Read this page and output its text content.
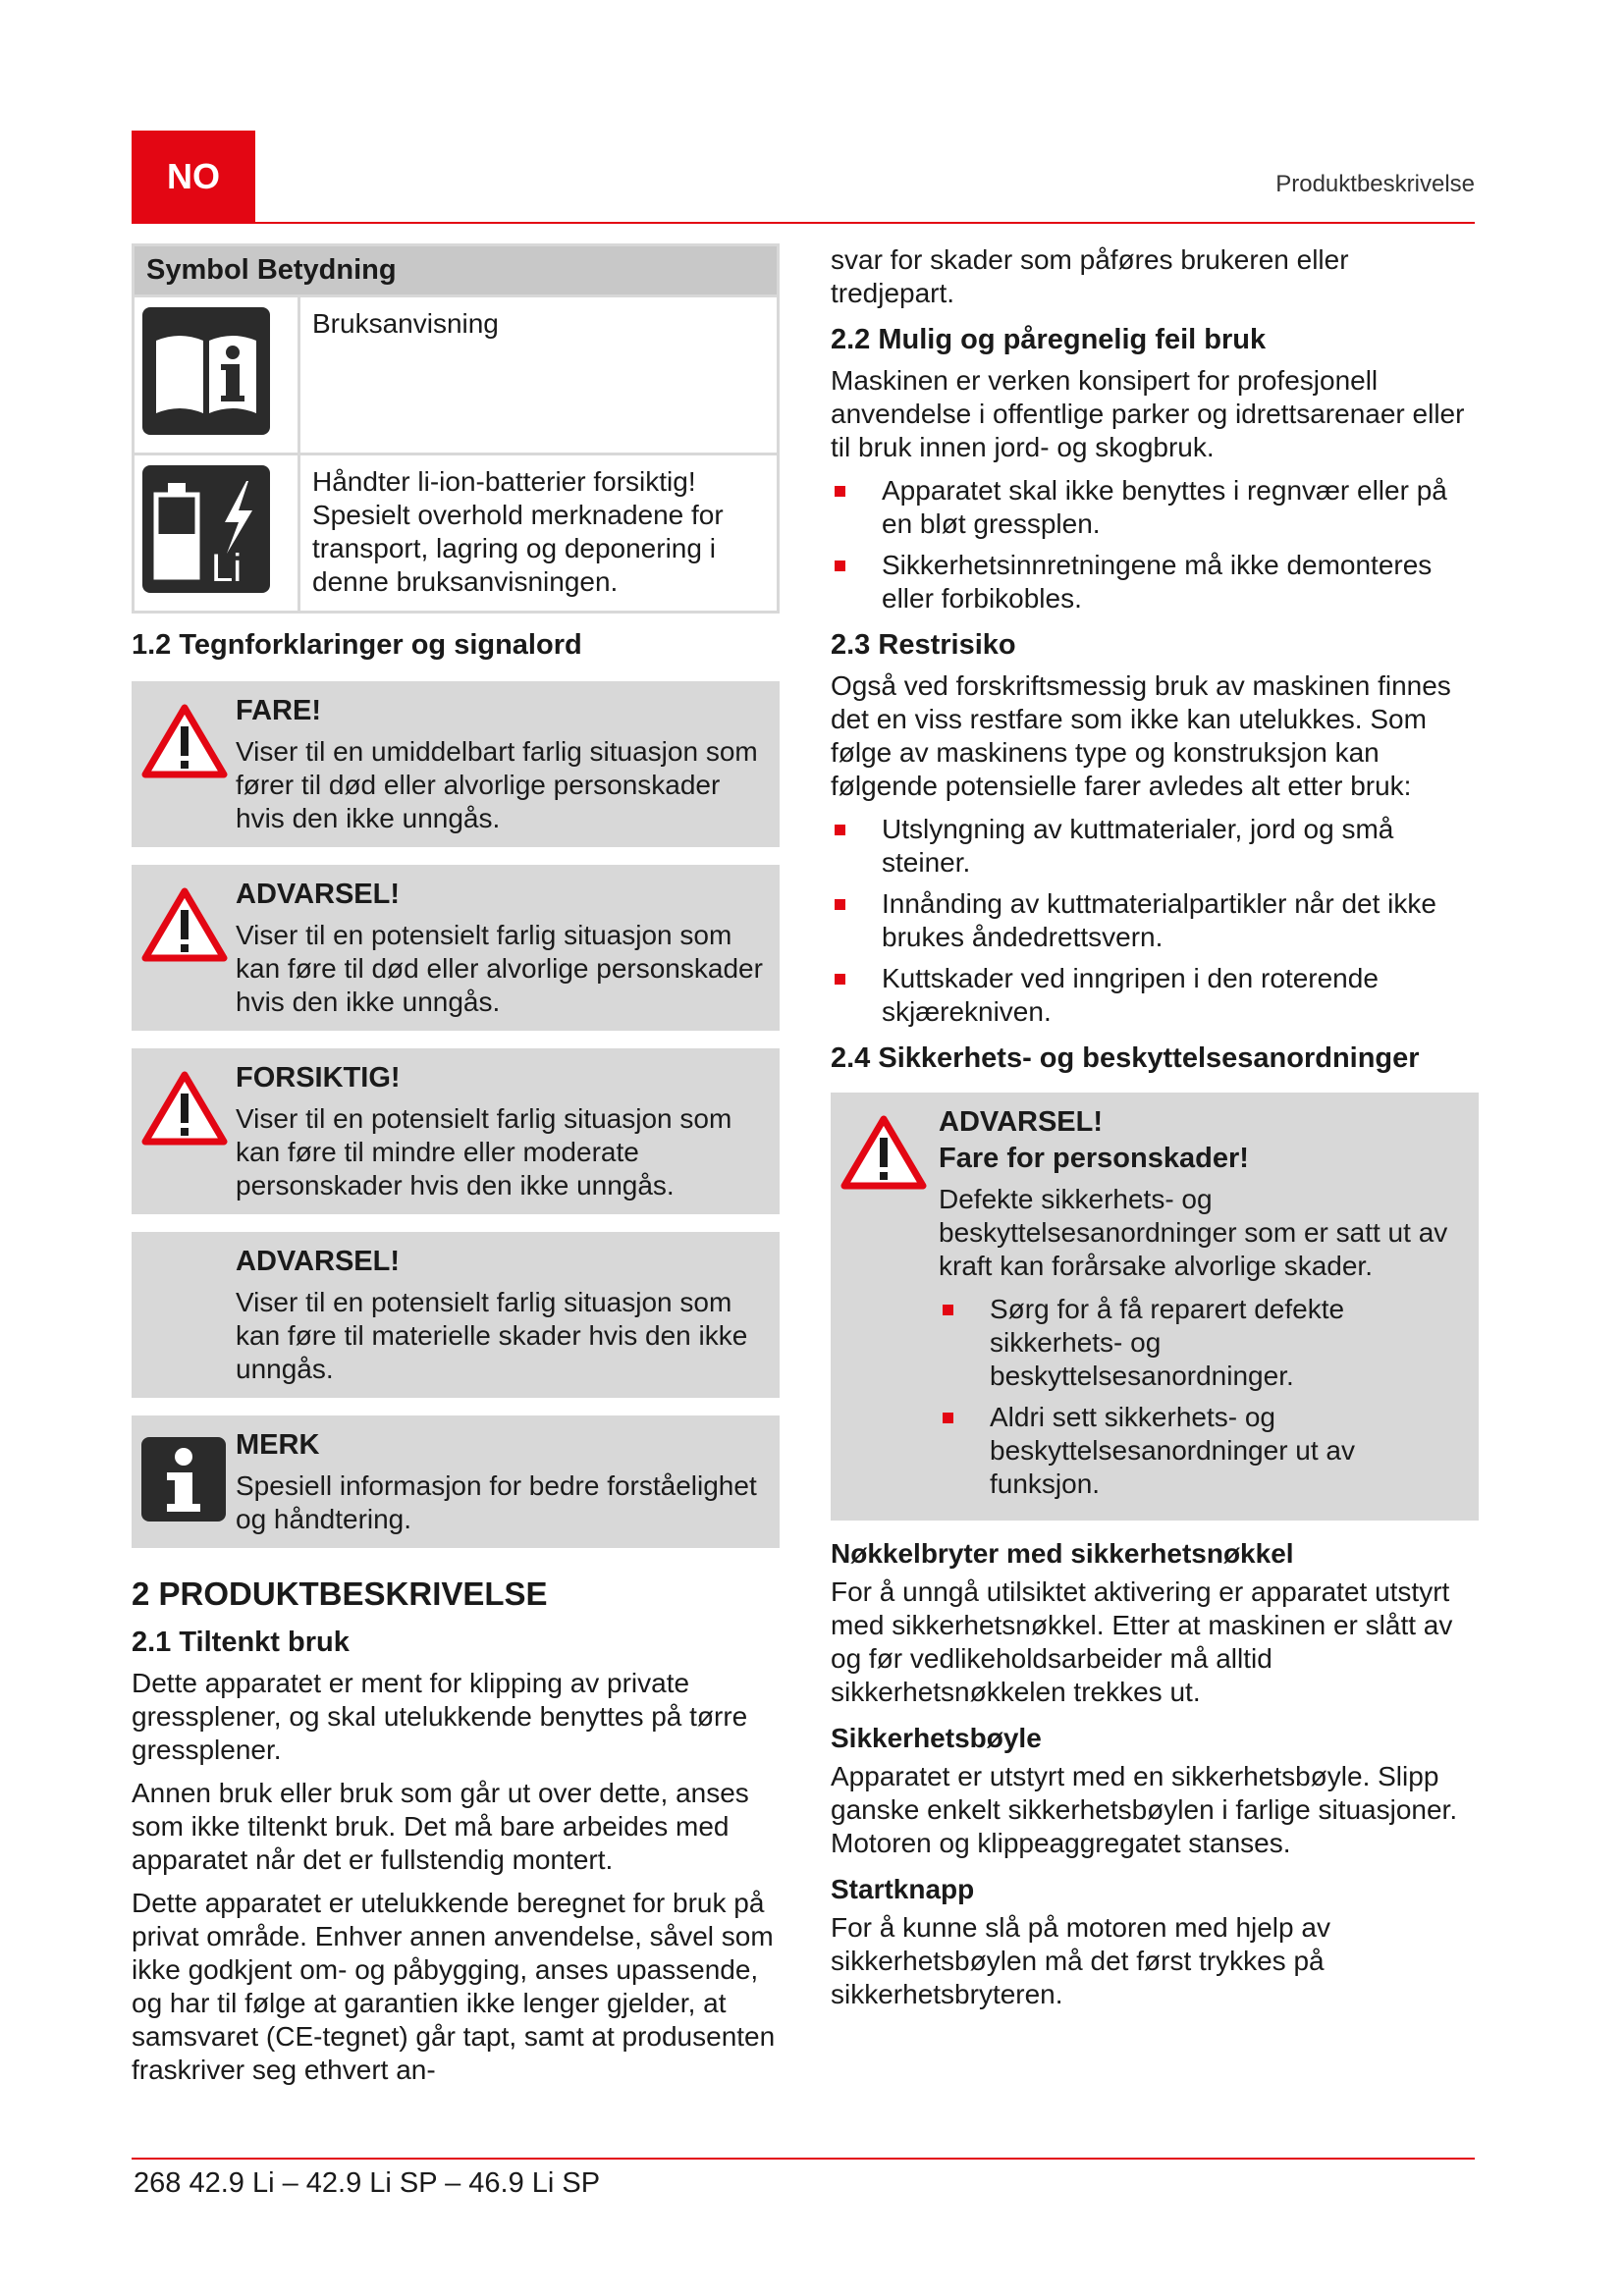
NO	Produktbeskrivelse
Symbol Betydning	
	Bruksanvisning

Li	Håndter li-ion-batterier forsiktig! Spesielt overhold merknadene for transport, lagring og deponering i denne bruksanvisningen.
1.2 Tegnforklaringer og signalord
FARE!
Viser til en umiddelbart farlig situasjon som fører til død eller alvorlige personskader hvis den ikke unngås.
ADVARSEL!
Viser til en potensielt farlig situasjon som kan føre til død eller alvorlige personskader hvis den ikke unngås.
FORSIKTIG!
Viser til en potensielt farlig situasjon som kan føre til mindre eller moderate personskader hvis den ikke unngås.
ADVARSEL!
Viser til en potensielt farlig situasjon som kan føre til materielle skader hvis den ikke unngås.
MERK
Spesiell informasjon for bedre forståelighet og håndtering.
2 PRODUKTBESKRIVELSE
2.1 Tiltenkt bruk

Dette apparatet er ment for klipping av private gressplener, og skal utelukkende benyttes på tørre gressplener.

Annen bruk eller bruk som går ut over dette, anses som ikke tiltenkt bruk. Det må bare arbeides med apparatet når det er fullstendig montert.

Dette apparatet er utelukkende beregnet for bruk på privat område. Enhver annen anvendelse, såvel som ikke godkjent om- og påbygging, anses upassende, og har til følge at garantien ikke lenger gjelder, at samsvaret (CE-tegnet) går tapt, samt at produsenten fraskriver seg ethvert an-

svar for skader som påføres brukeren eller tredjepart.

2.2 Mulig og påregnelig feil bruk

Maskinen er verken konsipert for profesjonell anvendelse i offentlige parker og idrettsarenaer eller til bruk innen jord- og skogbruk.

Apparatet skal ikke benyttes i regnvær eller på en bløt gressplen.
Sikkerhetsinnretningene må ikke demonteres eller forbikobles.
2.3 Restrisiko

Også ved forskriftsmessig bruk av maskinen finnes det en viss restfare som ikke kan utelukkes. Som følge av maskinens type og konstruksjon kan følgende potensielle farer avledes alt etter bruk:

Utslyngning av kuttmaterialer, jord og små steiner.
Innånding av kuttmaterialpartikler når det ikke brukes åndedrettsvern.
Kuttskader ved inngripen i den roterende skjærekniven.
2.4 Sikkerhets- og beskyttelsesanordninger
ADVARSEL!
Fare for personskader!
Defekte sikkerhets- og beskyttelsesanordninger som er satt ut av kraft kan forårsake alvorlige skader.
Sørg for å få reparert defekte sikkerhets- og beskyttelsesanordninger.
Aldri sett sikkerhets- og beskyttelsesanordninger ut av funksjon.
Nøkkelbryter med sikkerhetsnøkkel

For å unngå utilsiktet aktivering er apparatet utstyrt med sikkerhetsnøkkel. Etter at maskinen er slått av og før vedlikeholdsarbeider må alltid sikkerhetsnøkkelen trekkes ut.

Sikkerhetsbøyle

Apparatet er utstyrt med en sikkerhetsbøyle. Slipp ganske enkelt sikkerhetsbøylen i farlige situasjoner. Motoren og klippeaggregatet stanses.

Startknapp

For å kunne slå på motoren med hjelp av sikkerhetsbøylen må det først trykkes på sikkerhetsbryteren.

268 42.9 Li – 42.9 Li SP – 46.9 Li SP
